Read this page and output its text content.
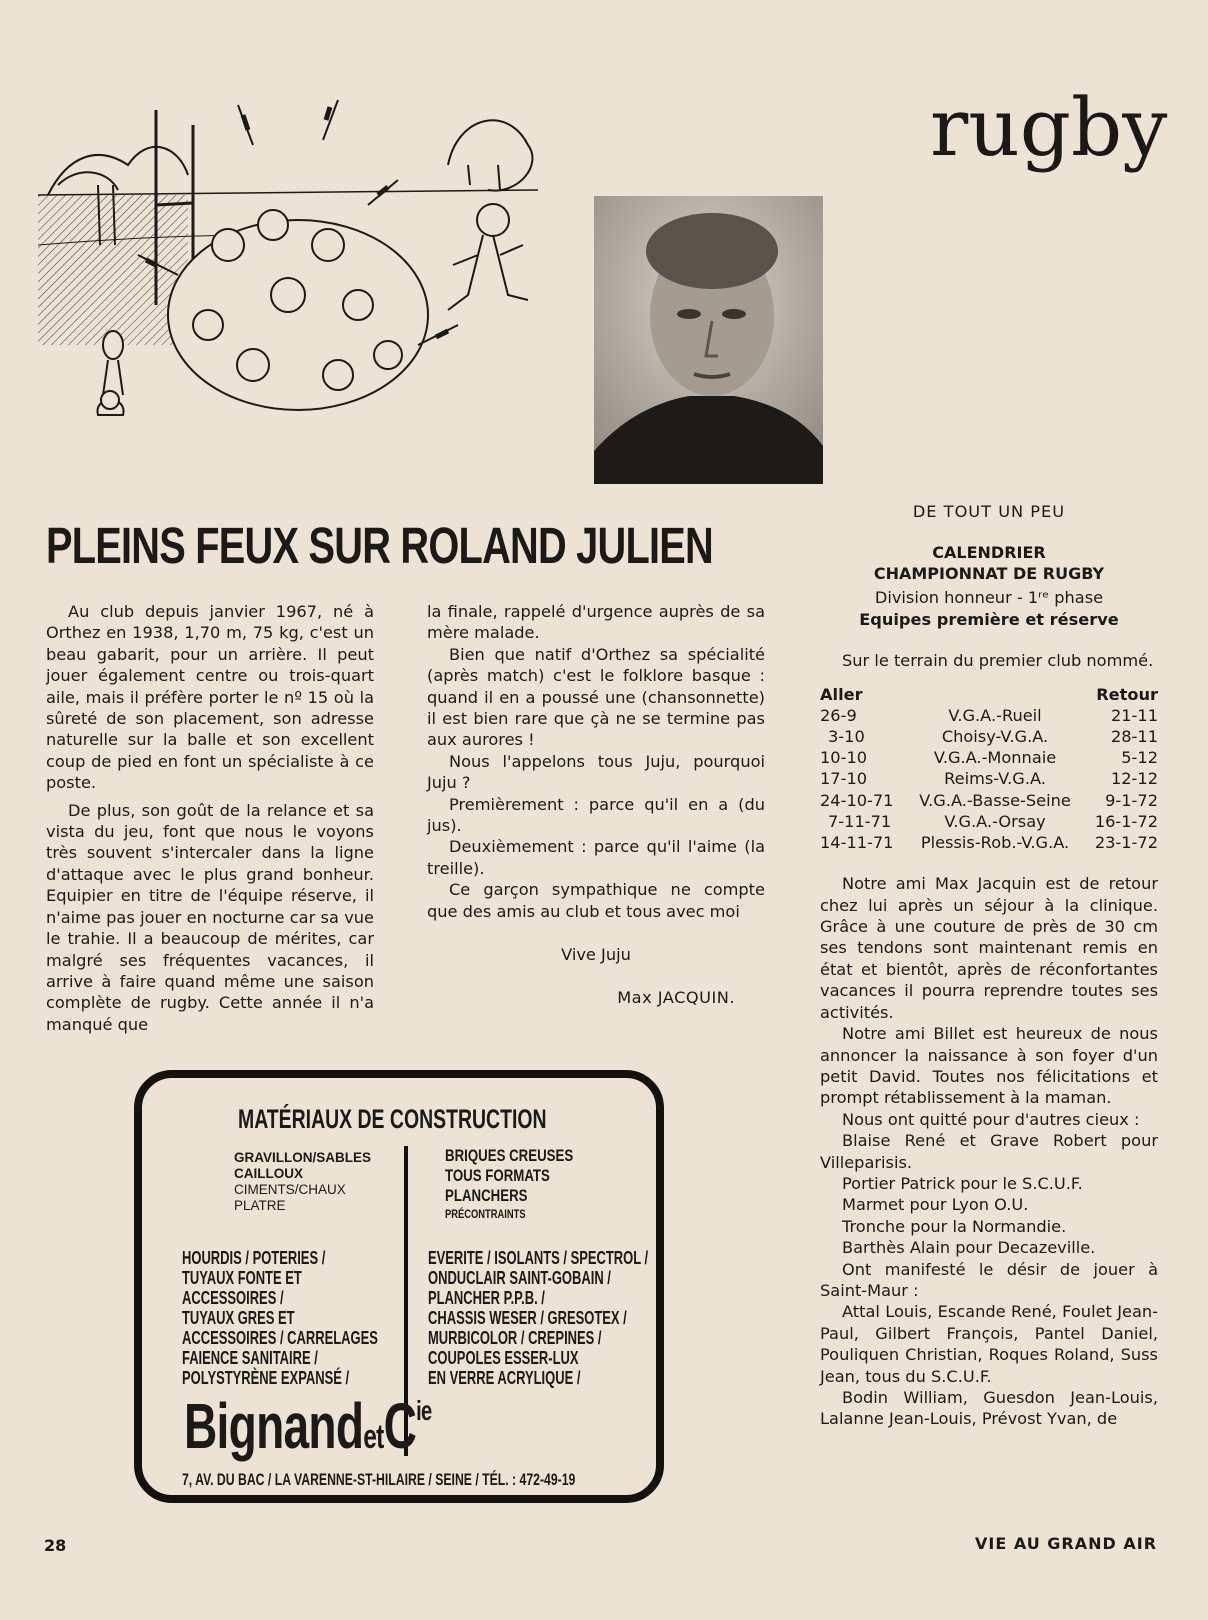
rugby
PLEINS FEUX SUR ROLAND JULIEN

Au club depuis janvier 1967, né à Orthez en 1938, 1,70 m, 75 kg, c'est un beau gabarit, pour un arrière. Il peut jouer également centre ou trois-quart aile, mais il préfère porter le nº 15 où la sûreté de son placement, son adresse naturelle sur la balle et son excellent coup de pied en font un spécialiste à ce poste.

De plus, son goût de la relance et sa vista du jeu, font que nous le voyons très souvent s'intercaler dans la ligne d'attaque avec le plus grand bonheur. Equipier en titre de l'équipe réserve, il n'aime pas jouer en nocturne car sa vue le trahie. Il a beaucoup de mérites, car malgré ses fréquentes vacances, il arrive à faire quand même une saison complète de rugby. Cette année il n'a manqué que

la finale, rappelé d'urgence auprès de sa mère malade.

Bien que natif d'Orthez sa spécialité (après match) c'est le folklore basque : quand il en a poussé une (chansonnette) il est bien rare que çà ne se termine pas aux aurores !

Nous l'appelons tous Juju, pourquoi Juju ?

Premièrement : parce qu'il en a (du jus).

Deuxièmement : parce qu'il l'aime (la treille).

Ce garçon sympathique ne compte que des amis au club et tous avec moi

Vive Juju
Max JACQUIN.
DE TOUT UN PEU
CALENDRIER
CHAMPIONNAT DE RUGBY
Division honneur - 1ʳᵉ phase
Equipes première et réserve

Sur le terrain du premier club nommé.

Aller		Retour
26-9	V.G.A.-Rueil	21-11
3-10	Choisy-V.G.A.	28-11
10-10	V.G.A.-Monnaie	5-12
17-10	Reims-V.G.A.	12-12
24-10-71	V.G.A.-Basse-Seine	9-1-72
7-11-71	V.G.A.-Orsay	16-1-72
14-11-71	Plessis-Rob.-V.G.A.	23-1-72

Notre ami Max Jacquin est de retour chez lui après un séjour à la clinique. Grâce à une couture de près de 30 cm ses tendons sont maintenant remis en état et bientôt, après de réconfortantes vacances il pourra reprendre toutes ses activités.

Notre ami Billet est heureux de nous annoncer la naissance à son foyer d'un petit David. Toutes nos félicitations et prompt rétablissement à la maman.

Nous ont quitté pour d'autres cieux :

Blaise René et Grave Robert pour Villeparisis.

Portier Patrick pour le S.C.U.F.

Marmet pour Lyon O.U.

Tronche pour la Normandie.

Barthès Alain pour Decazeville.

Ont manifesté le désir de jouer à Saint-Maur :

Attal Louis, Escande René, Foulet Jean-Paul, Gilbert François, Pantel Daniel, Pouliquen Christian, Roques Roland, Suss Jean, tous du S.C.U.F.

Bodin William, Guesdon Jean-Louis, Lalanne Jean-Louis, Prévost Yvan, de

MATÉRIAUX DE CONSTRUCTION
GRAVILLON/SABLES
CAILLOUX
CIMENTS/CHAUX
PLATRE
BRIQUES CREUSES
TOUS FORMATS
PLANCHERS
PRÉCONTRAINTS
HOURDIS / POTERIES /
TUYAUX FONTE ET
ACCESSOIRES /
TUYAUX GRES ET
ACCESSOIRES / CARRELAGES
FAIENCE SANITAIRE /
POLYSTYRÈNE EXPANSÉ /
EVERITE / ISOLANTS / SPECTROL /
ONDUCLAIR SAINT-GOBAIN /
PLANCHER P.P.B. /
CHASSIS WESER / GRESOTEX /
MURBICOLOR / CREPINES /
COUPOLES ESSER-LUX
EN VERRE ACRYLIQUE /
BignandetC$^{ie}$
7, AV. DU BAC / LA VARENNE-ST-HILAIRE / SEINE / TÉL. : 472-49-19
28	VIE AU GRAND AIR
